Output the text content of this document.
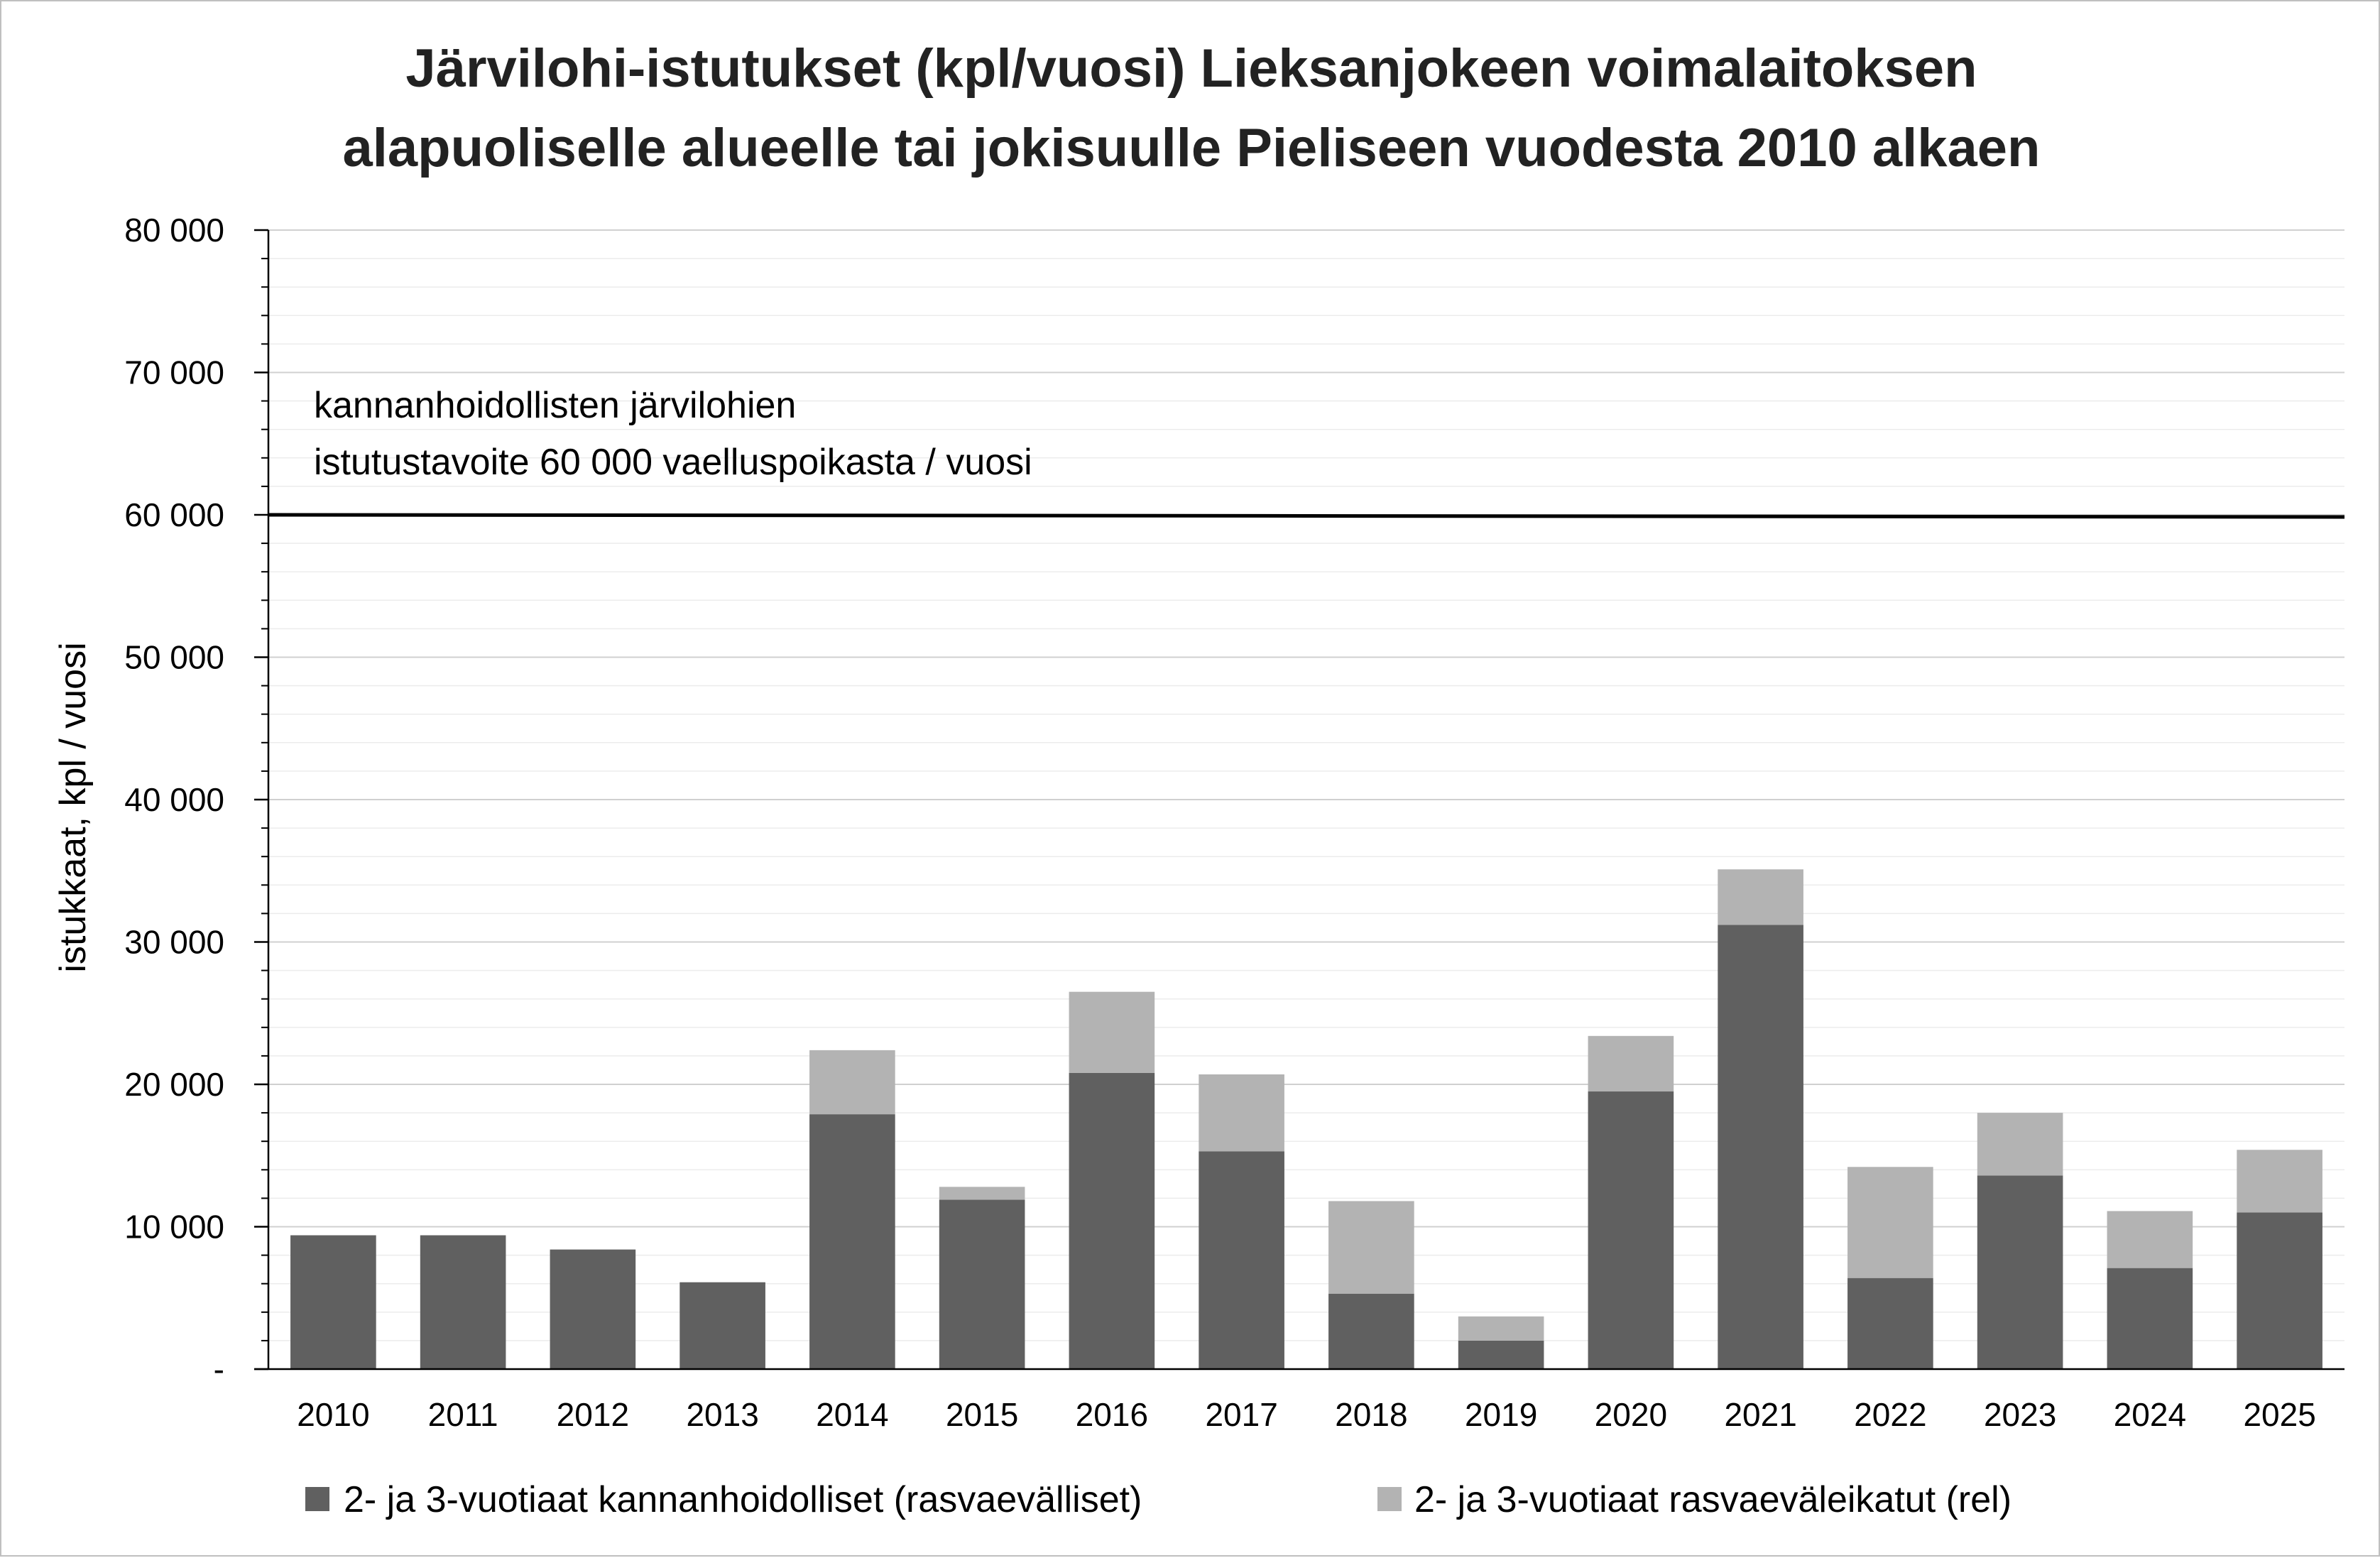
Järvilohi-istutukset (kpl/vuosi) Lieksanjokeen voimalaitoksen
alapuoliselle alueelle tai jokisuulle Pieliseen vuodesta 2010 alkaen
2010 2011 2012 2013 2014 2015 2016 2017 2018 2019 2020 2021 2022 2023 2024 2025
-
10 000
20 000
30 000
40 000
50 000
60 000
70 000
80 000
kannanhoidollisten järvilohien
istutustavoite 60 000 vaelluspoikasta / vuosi
istukkaat, kpl / vuosi
2- ja 3-vuotiaat kannanhoidolliset (rasvaevälliset)	2- ja 3-vuotiaat rasvaeväleikatut (rel)
